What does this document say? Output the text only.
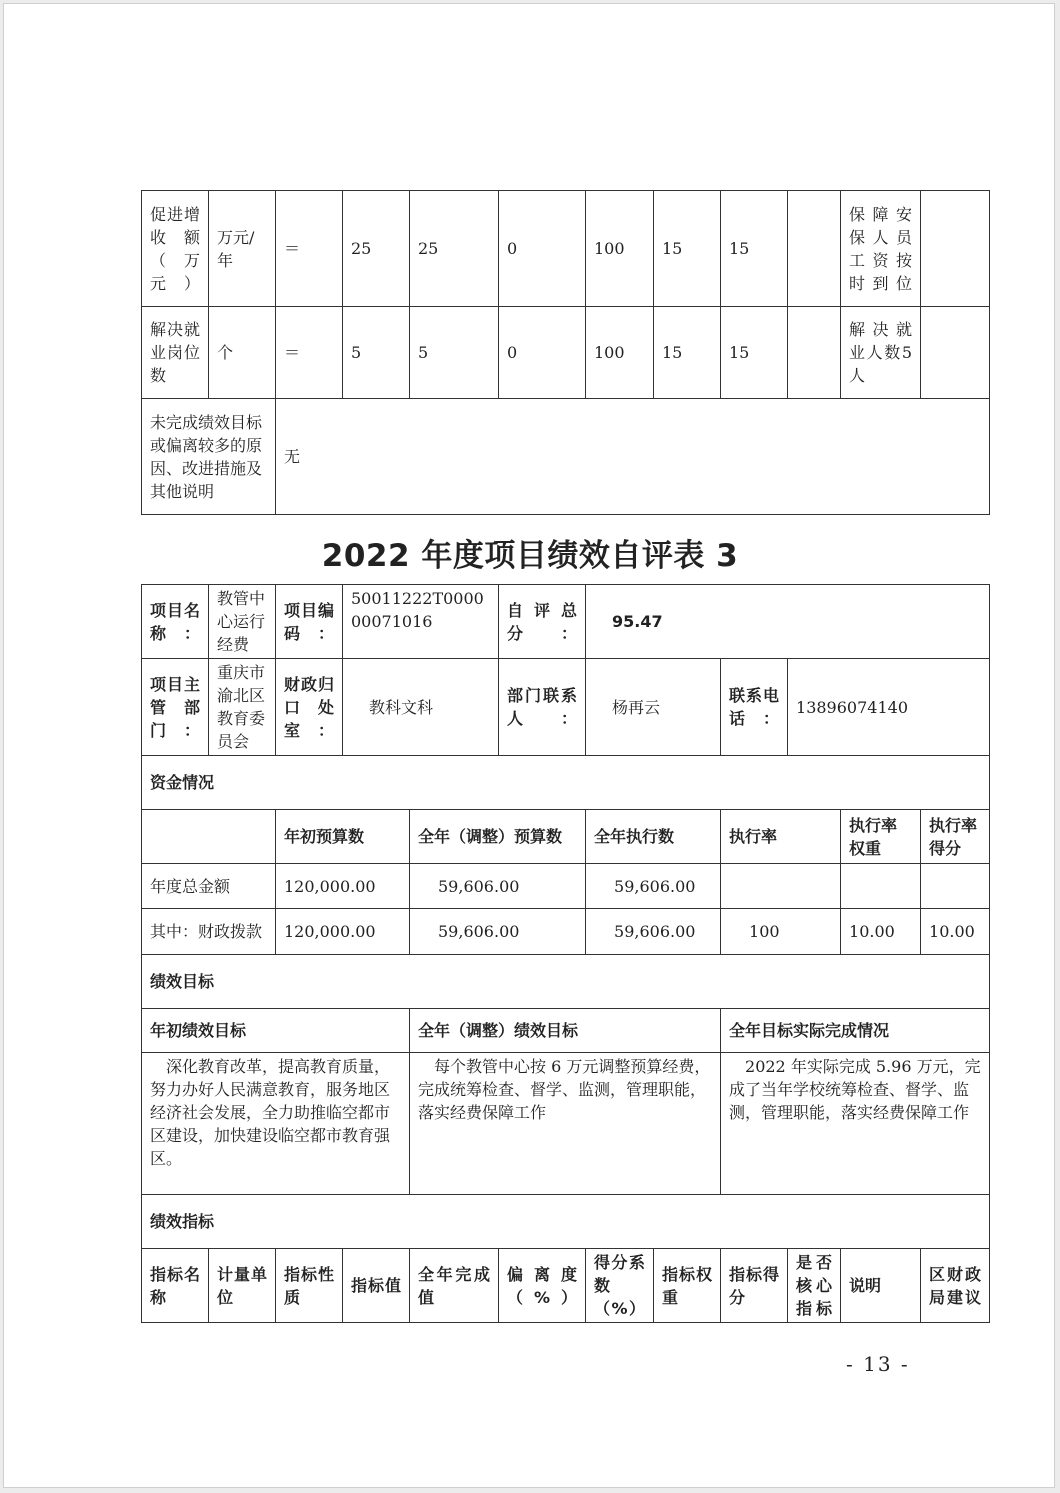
促进增收额（万元）	万元/年	＝	25	25	0	100	15	15		保障安保人员工资按时到位	
解决就业岗位数	个	＝	5	5	0	100	15	15		解决就业人数5人	
未完成绩效目标或偏离较多的原因、改进措施及其他说明		无									
2022 年度项目绩效自评表 3
项目名称：	教管中心运行经费	项目编码：	50011222T000000071016		自评总分：	95.47					
项目主管部门：	重庆市渝北区教育委员会	财政归口处室：	教科文科		部门联系人：	杨再云		联系电话：	13896074140		
资金情况											
		年初预算数		全年（调整）预算数		全年执行数		执行率		执行率权重	执行率得分
年度总金额		120,000.00		59,606.00		59,606.00					
其中：财政拨款		120,000.00		59,606.00		59,606.00		100		10.00	10.00
绩效目标											
年初绩效目标				全年（调整）绩效目标				全年目标实际完成情况			
深化教育改革，提高教育质量，努力办好人民满意教育，服务地区经济社会发展，全力助推临空都市区建设，加快建设临空都市教育强区。				每个教管中心按 6 万元调整预算经费，完成统筹检查、督学、监测，管理职能，落实经费保障工作				2022 年实际完成 5.96 万元，完成了当年学校统筹检查、督学、监测，管理职能，落实经费保障工作			
绩效指标											
指标名称	计量单位	指标性质	指标值	全年完成值	偏离度（%）	得分系数（%）	指标权重	指标得分	是否核心指标	说明	区财政局建议
- 13 -
